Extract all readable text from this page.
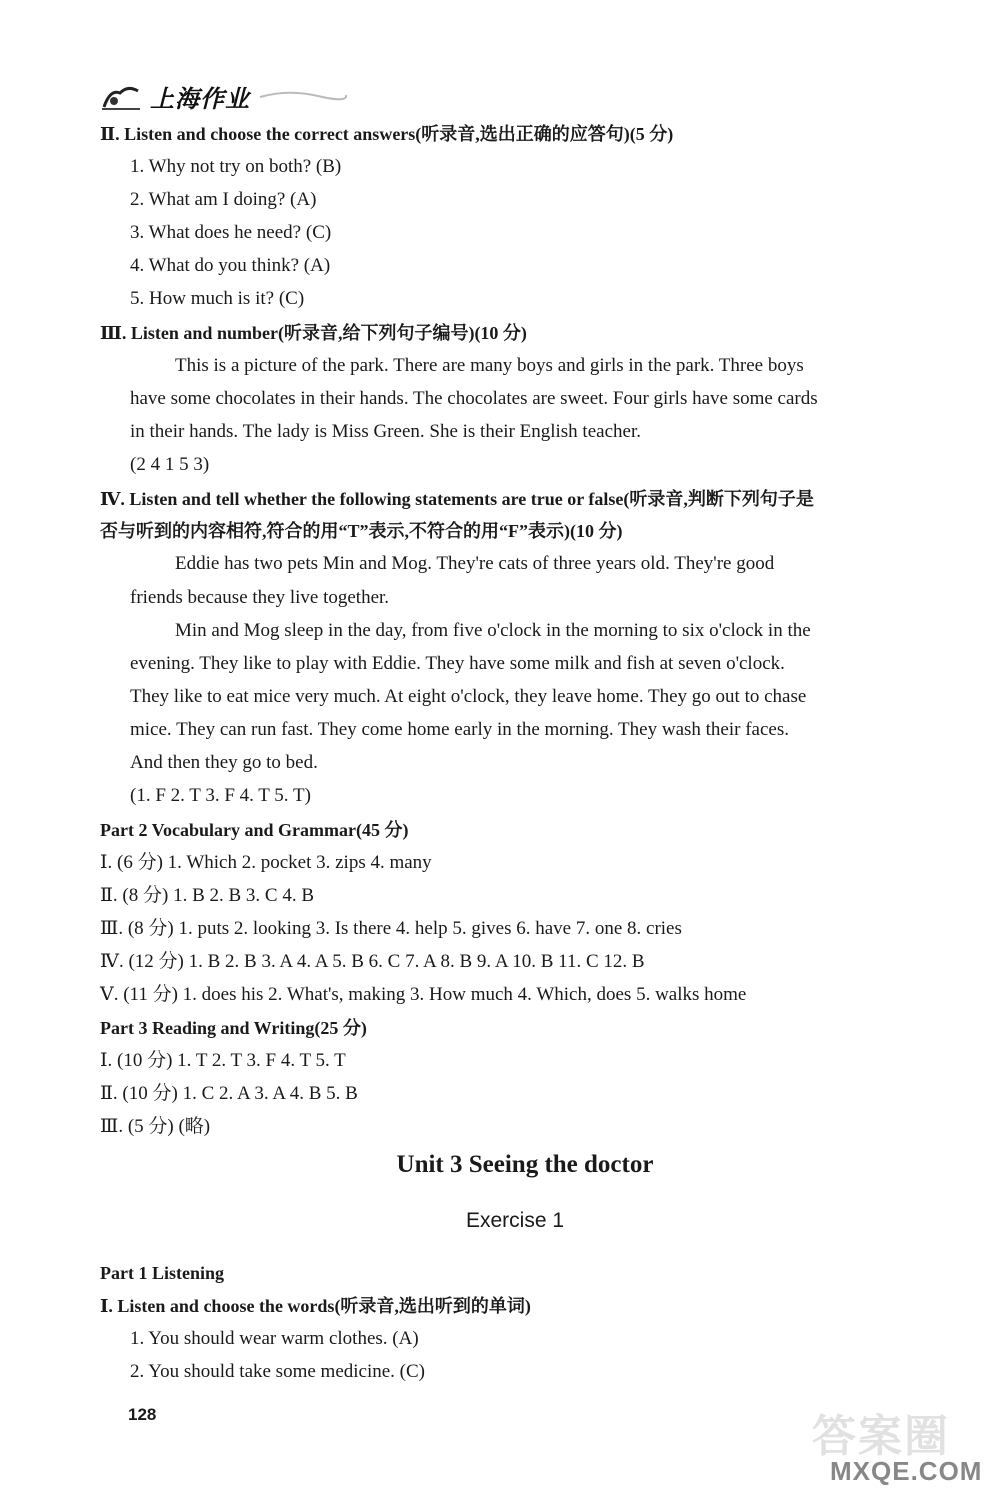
上海作业
Ⅱ. Listen and choose the correct answers(听录音,选出正确的应答句)(5 分)
1. Why not try on both? (B)
2. What am I doing? (A)
3. What does he need? (C)
4. What do you think? (A)
5. How much is it? (C)
Ⅲ. Listen and number(听录音,给下列句子编号)(10 分)
This is a picture of the park. There are many boys and girls in the park. Three boys
have some chocolates in their hands. The chocolates are sweet. Four girls have some cards
in their hands. The lady is Miss Green. She is their English teacher.
(2 4 1 5 3)
Ⅳ. Listen and tell whether the following statements are true or false(听录音,判断下列句子是
否与听到的内容相符,符合的用“T”表示,不符合的用“F”表示)(10 分)
Eddie has two pets Min and Mog. They're cats of three years old. They're good
friends because they live together.
Min and Mog sleep in the day, from five o'clock in the morning to six o'clock in the
evening. They like to play with Eddie. They have some milk and fish at seven o'clock.
They like to eat mice very much. At eight o'clock, they leave home. They go out to chase
mice. They can run fast. They come home early in the morning. They wash their faces.
And then they go to bed.
(1. F 2. T 3. F 4. T 5. T)
Part 2 Vocabulary and Grammar(45 分)
Ⅰ. (6 分) 1. Which 2. pocket 3. zips 4. many
Ⅱ. (8 分) 1. B 2. B 3. C 4. B
Ⅲ. (8 分) 1. puts 2. looking 3. Is there 4. help 5. gives 6. have 7. one 8. cries
Ⅳ. (12 分) 1. B 2. B 3. A 4. A 5. B 6. C 7. A 8. B 9. A 10. B 11. C 12. B
Ⅴ. (11 分) 1. does his 2. What's, making 3. How much 4. Which, does 5. walks home
Part 3 Reading and Writing(25 分)
Ⅰ. (10 分) 1. T 2. T 3. F 4. T 5. T
Ⅱ. (10 分) 1. C 2. A 3. A 4. B 5. B
Ⅲ. (5 分) (略)
Unit 3 Seeing the doctor
Exercise 1
Part 1 Listening
Ⅰ. Listen and choose the words(听录音,选出听到的单词)
1. You should wear warm clothes. (A)
2. You should take some medicine. (C)
128	答案圈
MXQE.COM
